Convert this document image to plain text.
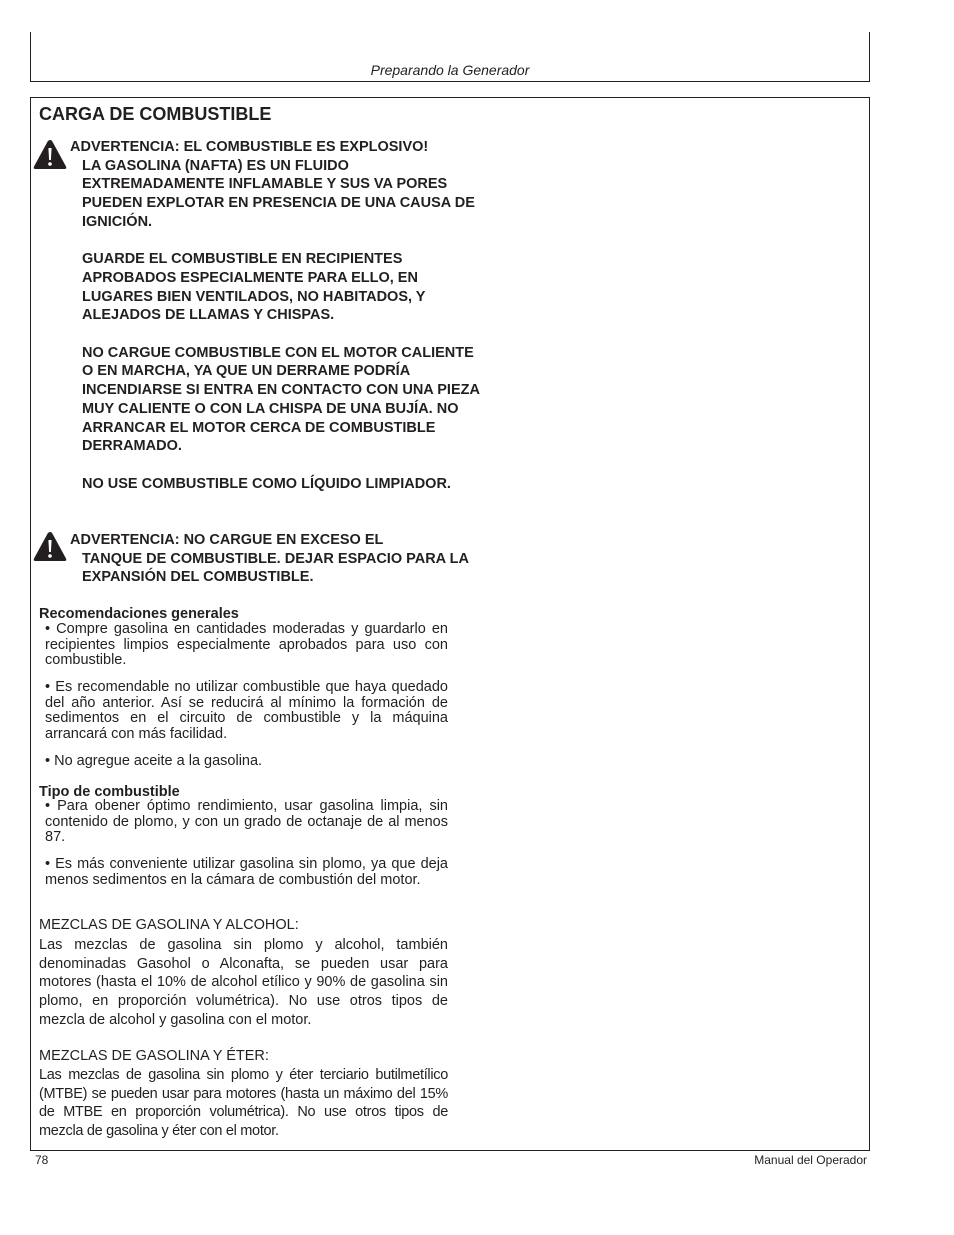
Preparando la Generador
CARGA DE COMBUSTIBLE

ADVERTENCIA: EL COMBUSTIBLE ES EXPLOSIVO!
LA GASOLINA (NAFTA) ES UN FLUIDO EXTREMADAMENTE INFLAMABLE Y SUS VA PORES PUEDEN EXPLOTAR EN PRESENCIA DE UNA CAUSA DE IGNICIÓN.

GUARDE EL COMBUSTIBLE EN RECIPIENTES APROBADOS ESPECIALMENTE PARA ELLO, EN LUGARES BIEN VENTILADOS, NO HABITADOS, Y ALEJADOS DE LLAMAS Y CHISPAS.

NO CARGUE COMBUSTIBLE CON EL MOTOR CALIENTE O EN MARCHA, YA QUE UN DERRAME PODRÍA INCENDIARSE SI ENTRA EN CONTACTO CON UNA PIEZA MUY CALIENTE O CON LA CHISPA DE UNA BUJÍA. NO ARRANCAR EL MOTOR CERCA DE COMBUSTIBLE DERRAMADO.

NO USE COMBUSTIBLE COMO LÍQUIDO LIMPIADOR.

ADVERTENCIA: NO CARGUE EN EXCESO EL
TANQUE DE COMBUSTIBLE. DEJAR ESPACIO PARA LA EXPANSIÓN DEL COMBUSTIBLE.

Recomendaciones generales
• Compre gasolina en cantidades moderadas y guardarlo en recipientes limpios especialmente aprobados para uso con combustible.
• Es recomendable no utilizar combustible que haya quedado del año anterior. Así se reducirá al mínimo la formación de sedimentos en el circuito de combustible y la máquina arrancará con más facilidad.
• No agregue aceite a la gasolina.
Tipo de combustible
• Para obener óptimo rendimiento, usar gasolina limpia, sin contenido de plomo, y con un grado de octanaje de al menos 87.
• Es más conveniente utilizar gasolina sin plomo, ya que deja menos sedimentos en la cámara de combustión del motor.
MEZCLAS DE GASOLINA Y ALCOHOL:
Las mezclas de gasolina sin plomo y alcohol, también denominadas Gasohol o Alconafta, se pueden usar para motores (hasta el 10% de alcohol etílico y 90% de gasolina sin plomo, en proporción volumétrica). No use otros tipos de mezcla de alcohol y gasolina con el motor.
MEZCLAS DE GASOLINA Y ÉTER:
Las mezclas de gasolina sin plomo y éter terciario butilmetílico (MTBE) se pueden usar para motores (hasta un máximo del 15% de MTBE en proporción volumétrica). No use otros tipos de mezcla de gasolina y éter con el motor.
78	Manual del Operador
